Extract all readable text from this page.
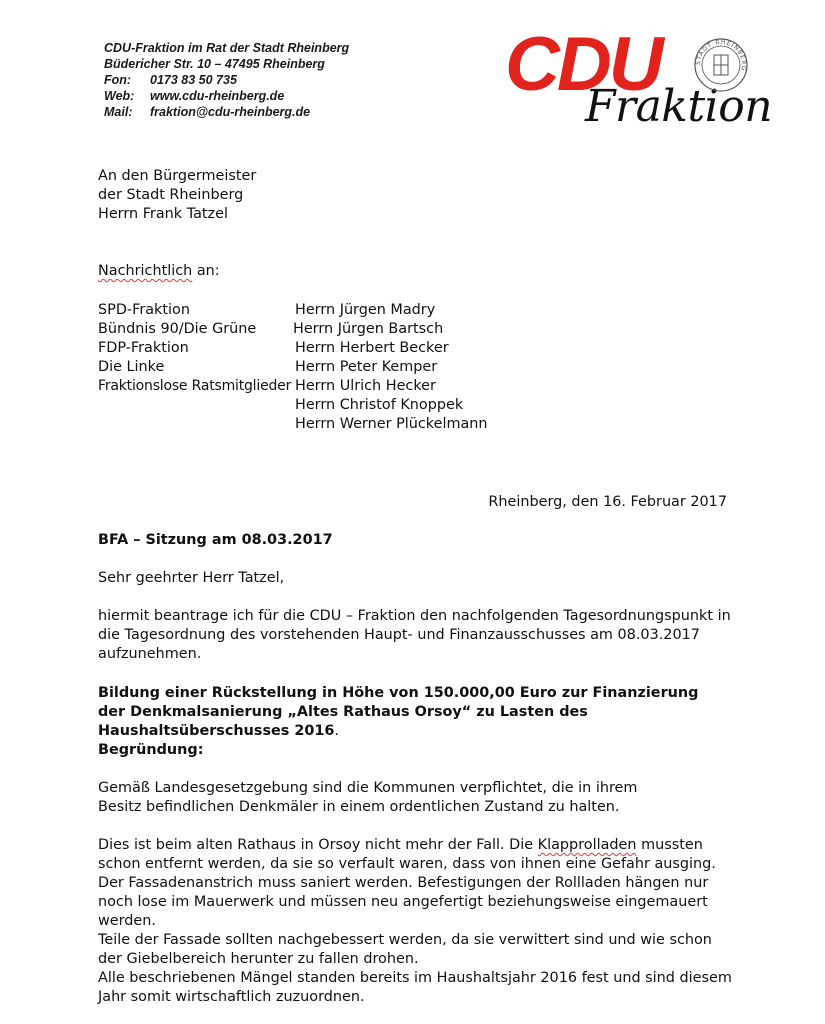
CDU-Fraktion im Rat der Stadt Rheinberg
Büdericher Str. 10 – 47495 Rheinberg
Fon: 0173 83 50 735
Web: www.cdu-rheinberg.de
Mail: fraktion@cdu-rheinberg.de
CDU
Fraktion
STADT RHEINBERG
An den Bürgermeister
der Stadt Rheinberg
Herrn Frank Tatzel
Nachrichtlich an:
SPD-Fraktion	Herrn Jürgen Madry
Bündnis 90/Die Grüne	Herrn Jürgen Bartsch
FDP-Fraktion	Herrn Herbert Becker
Die Linke	Herrn Peter Kemper
Fraktionslose Ratsmitglieder Herrn Ulrich Hecker
Herrn Christof Knoppek
Herrn Werner Plückelmann
Rheinberg, den 16. Februar 2017
BFA – Sitzung am 08.03.2017
Sehr geehrter Herr Tatzel,
hiermit beantrage ich für die CDU – Fraktion den nachfolgenden Tagesordnungspunkt in die Tagesordnung des vorstehenden Haupt- und Finanzausschusses am 08.03.2017 aufzunehmen.
Bildung einer Rückstellung in Höhe von 150.000,00 Euro zur Finanzierung der Denkmalsanierung „Altes Rathaus Orsoy“ zu Lasten des Haushaltsüberschusses 2016.
Begründung:
Gemäß Landesgesetzgebung sind die Kommunen verpflichtet, die in ihrem Besitz befindlichen Denkmäler in einem ordentlichen Zustand zu halten.
Dies ist beim alten Rathaus in Orsoy nicht mehr der Fall. Die Klapprolladen mussten schon entfernt werden, da sie so verfault waren, dass von ihnen eine Gefahr ausging. Der Fassadenanstrich muss saniert werden. Befestigungen der Rollladen hängen nur noch lose im Mauerwerk und müssen neu angefertigt beziehungsweise eingemauert werden.
Teile der Fassade sollten nachgebessert werden, da sie verwittert sind und wie schon der Giebelbereich herunter zu fallen drohen.
Alle beschriebenen Mängel standen bereits im Haushaltsjahr 2016 fest und sind diesem Jahr somit wirtschaftlich zuzuordnen.
